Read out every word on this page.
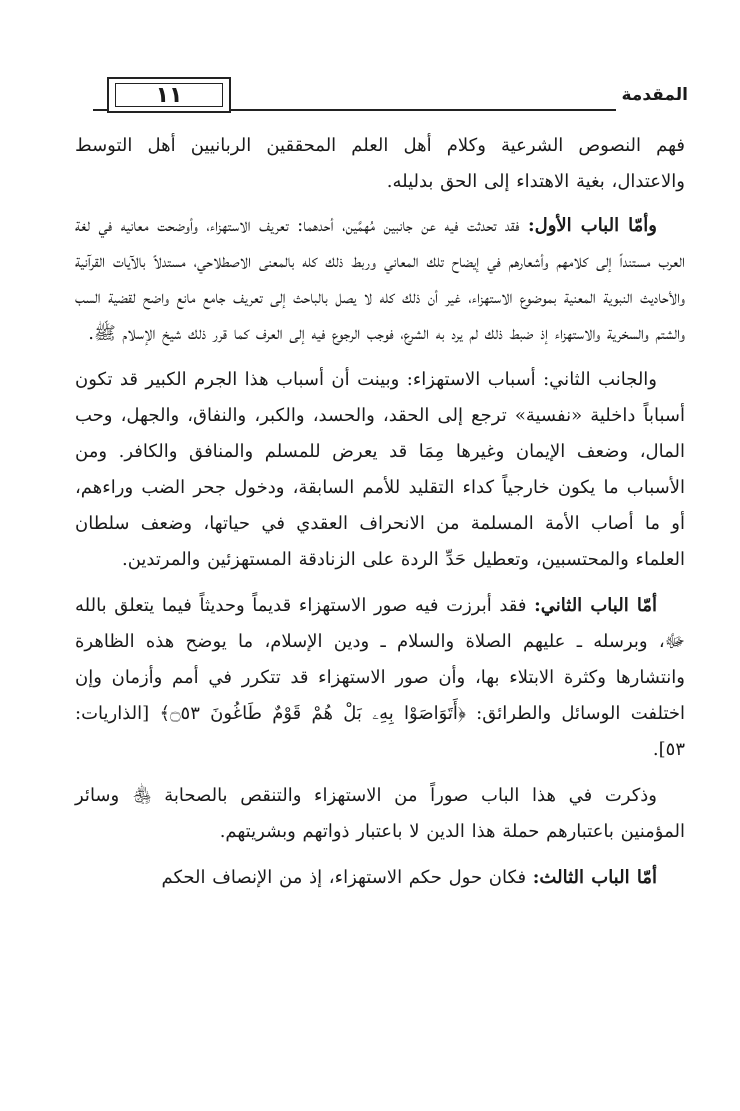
١١	المقدمة

فهم النصوص الشرعية وكلام أهل العلم المحققين الربانيين أهل التوسط والاعتدال، بغية الاهتداء إلى الحق بدليله.

وأمّا الباب الأول: فقد تحدثت فيه عن جانبين مُهمَّين، أحدهما: تعريف الاستهزاء، وأوضحت معانيه في لغة العرب مستنداً إلى كلامهم وأشعارهم في إيضاح تلك المعاني وربط ذلك كله بالمعنى الاصطلاحي، مستدلاً بالآيات القرآنية والأحاديث النبوية المعنية بموضوع الاستهزاء، غير أن ذلك كله لا يصل بالباحث إلى تعريف جامع مانع واضح لقضية السب والشتم والسخرية والاستهزاء إذ ضبط ذلك لم يرد به الشرع، فوجب الرجوع فيه إلى العرف كما قرر ذلك شيخ الإسلام ﷺ.

والجانب الثاني: أسباب الاستهزاء: وبينت أن أسباب هذا الجرم الكبير قد تكون أسباباً داخلية «نفسية» ترجع إلى الحقد، والحسد، والكبر، والنفاق، والجهل، وحب المال، وضعف الإيمان وغيرها مِمَا قد يعرض للمسلم والمنافق والكافر. ومن الأسباب ما يكون خارجياً كداء التقليد للأمم السابقة، ودخول جحر الضب وراءهم، أو ما أصاب الأمة المسلمة من الانحراف العقدي في حياتها، وضعف سلطان العلماء والمحتسبين، وتعطيل حَدِّ الردة على الزنادقة المستهزئين والمرتدين.

أمّا الباب الثاني: فقد أبرزت فيه صور الاستهزاء قديماً وحديثاً فيما يتعلق بالله ﷻ، وبرسله ـ عليهم الصلاة والسلام ـ ودين الإسلام، ما يوضح هذه الظاهرة وانتشارها وكثرة الابتلاء بها، وأن صور الاستهزاء قد تتكرر في أمم وأزمان وإن اختلفت الوسائل والطرائق: ﴿أَتَوَاصَوْا بِهِۦ بَلْ هُمْ قَوْمٌ طَاغُونَ ۝٥٣﴾ [الذاريات: ٥٣].

وذكرت في هذا الباب صوراً من الاستهزاء والتنقص بالصحابة ﵃ وسائر المؤمنين باعتبارهم حملة هذا الدين لا باعتبار ذواتهم وبشريتهم.

أمّا الباب الثالث: فكان حول حكم الاستهزاء، إذ من الإنصاف الحكم
